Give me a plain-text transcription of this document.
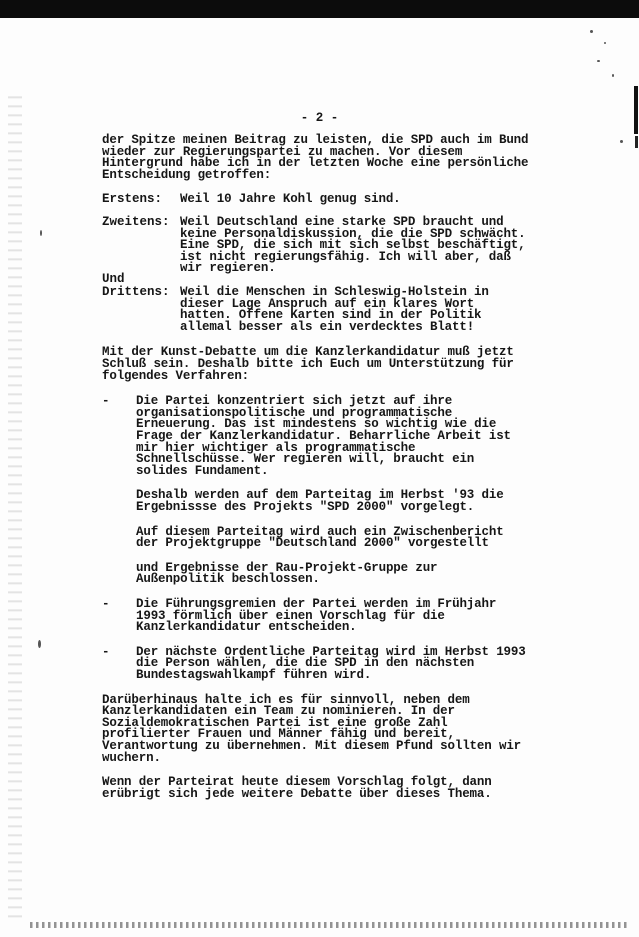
- 2 -
der Spitze meinen Beitrag zu leisten, die SPD auch im Bund
wieder zur Regierungspartei zu machen. Vor diesem
Hintergrund habe ich in der letzten Woche eine persönliche
Entscheidung getroffen:
Erstens: Weil 10 Jahre Kohl genug sind.
Zweitens: Weil Deutschland eine starke SPD braucht und
keine Personaldiskussion, die die SPD schwächt.
Eine SPD, die sich mit sich selbst beschäftigt,
ist nicht regierungsfähig. Ich will aber, daß
wir regieren.
Und
Drittens: Weil die Menschen in Schleswig-Holstein in
dieser Lage Anspruch auf ein klares Wort
hatten. Offene Karten sind in der Politik
allemal besser als ein verdecktes Blatt!
Mit der Kunst-Debatte um die Kanzlerkandidatur muß jetzt
Schluß sein. Deshalb bitte ich Euch um Unterstützung für
folgendes Verfahren:
- Die Partei konzentriert sich jetzt auf ihre
organisationspolitische und programmatische
Erneuerung. Das ist mindestens so wichtig wie die
Frage der Kanzlerkandidatur. Beharrliche Arbeit ist
mir hier wichtiger als programmatische
Schnellschüsse. Wer regieren will, braucht ein
solides Fundament.
Deshalb werden auf dem Parteitag im Herbst '93 die
Ergebnissse des Projekts "SPD 2000" vorgelegt.
Auf diesem Parteitag wird auch ein Zwischenbericht
der Projektgruppe "Deutschland 2000" vorgestellt
und Ergebnisse der Rau-Projekt-Gruppe zur
Außenpolitik beschlossen.
- Die Führungsgremien der Partei werden im Frühjahr
1993 förmlich über einen Vorschlag für die
Kanzlerkandidatur entscheiden.
- Der nächste Ordentliche Parteitag wird im Herbst 1993
die Person wählen, die die SPD in den nächsten
Bundestagswahlkampf führen wird.
Darüberhinaus halte ich es für sinnvoll, neben dem
Kanzlerkandidaten ein Team zu nominieren. In der
Sozialdemokratischen Partei ist eine große Zahl
profilierter Frauen und Männer fähig und bereit,
Verantwortung zu übernehmen. Mit diesem Pfund sollten wir
wuchern.
Wenn der Parteirat heute diesem Vorschlag folgt, dann
erübrigt sich jede weitere Debatte über dieses Thema.
